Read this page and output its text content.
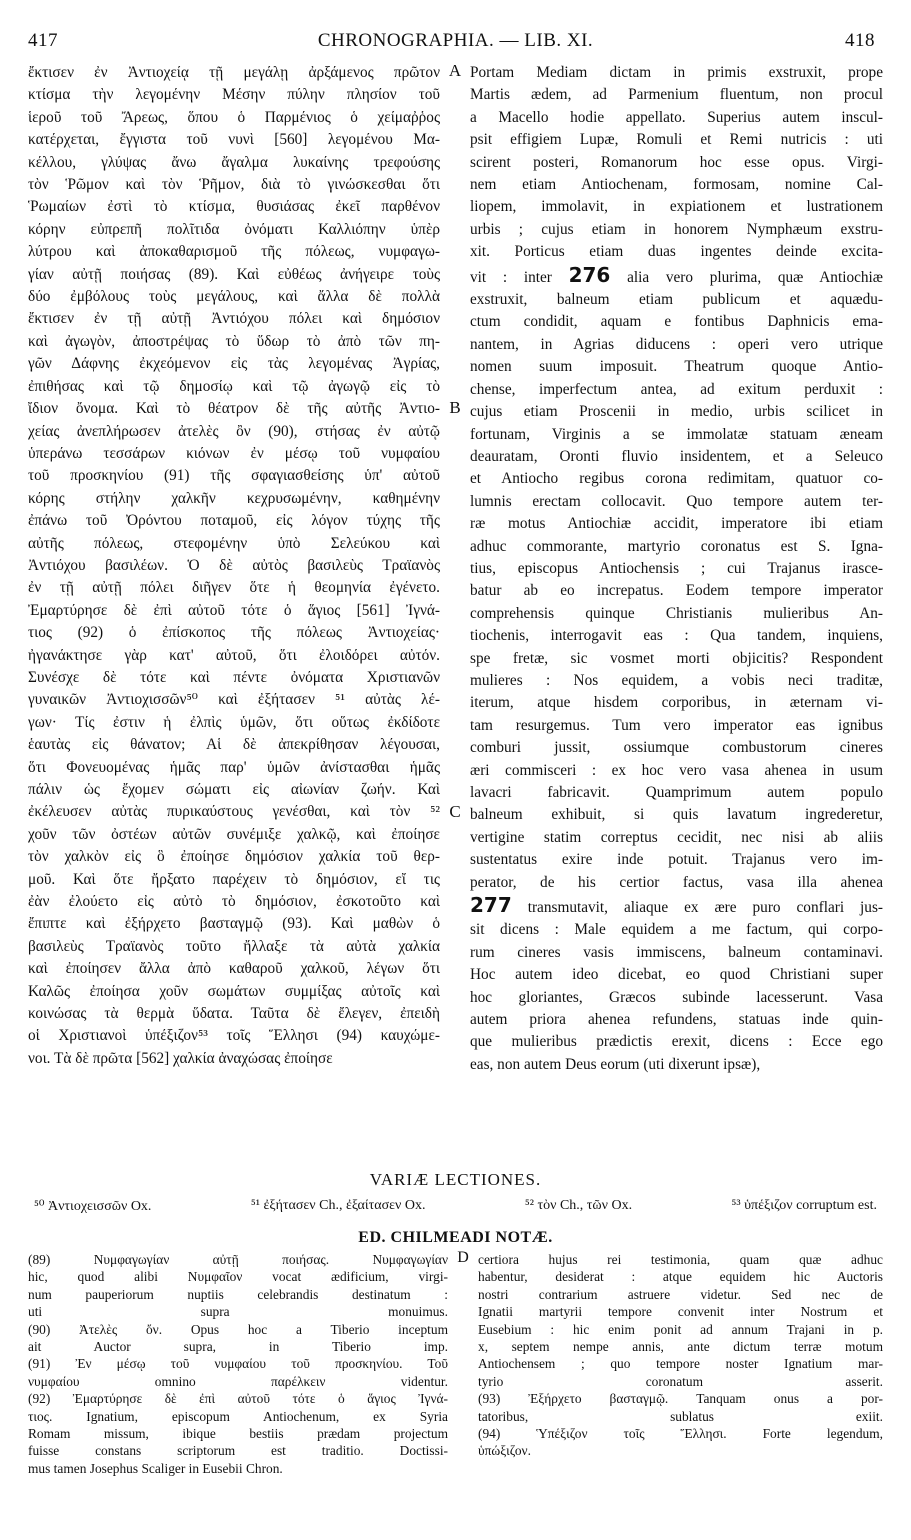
417	CHRONOGRAPHIA. — LIB. XI.	418
ἔκτισεν ἐν Ἀντιοχείᾳ τῇ μεγάλῃ ἀρξάμενος πρῶτον
κτίσμα τὴν λεγομένην Μέσην πύλην πλησίον τοῦ
ἱεροῦ τοῦ Ἄρεως, ὅπου ὁ Παρμένιος ὁ χείμαῤῥος
κατέρχεται, ἔγγιστα τοῦ νυνὶ [560] λεγομένου Μα-
κέλλου, γλύψας ἄνω ἄγαλμα λυκαίνης τρεφούσης
τὸν Ῥῶμον καὶ τὸν Ῥῆμον, διὰ τὸ γινώσκεσθαι ὅτι
Ῥωμαίων ἐστὶ τὸ κτίσμα, θυσιάσας ἐκεῖ παρθένον
κόρην εὐπρεπῆ πολῖτιδα ὀνόματι Καλλιόπην ὑπὲρ
λύτρου καὶ ἀποκαθαρισμοῦ τῆς πόλεως, νυμφαγω-
γίαν αὐτῇ ποιήσας (89). Καὶ εὐθέως ἀνήγειρε τοὺς
δύο ἐμβόλους τοὺς μεγάλους, καὶ ἄλλα δὲ πολλὰ
ἔκτισεν ἐν τῇ αὐτῇ Ἀντιόχου πόλει καὶ δημόσιον
καὶ ἀγωγὸν, ἀποστρέψας τὸ ὕδωρ τὸ ἀπὸ τῶν πη-
γῶν Δάφνης ἐκχεόμενον εἰς τὰς λεγομένας Ἀγρίας,
ἐπιθήσας καὶ τῷ δημοσίῳ καὶ τῷ ἀγωγῷ εἰς τὸ
ἴδιον ὄνομα. Καὶ τὸ θέατρον δὲ τῆς αὐτῆς Ἀντιο-
χείας ἀνεπλήρωσεν ἀτελὲς ὂν (90), στήσας ἐν αὐτῷ
ὑπεράνω τεσσάρων κιόνων ἐν μέσῳ τοῦ νυμφαίου
τοῦ προσκηνίου (91) τῆς σφαγιασθείσης ὑπ' αὐτοῦ
κόρης στήλην χαλκῆν κεχρυσωμένην, καθημένην
ἐπάνω τοῦ Ὀρόντου ποταμοῦ, εἰς λόγον τύχης τῆς
αὐτῆς πόλεως, στεφομένην ὑπὸ Σελεύκου καὶ
Ἀντιόχου βασιλέων. Ὁ δὲ αὐτὸς βασιλεὺς Τραϊανὸς
ἐν τῇ αὐτῇ πόλει διῆγεν ὅτε ἡ θεομηνία ἐγένετο.
Ἐμαρτύρησε δὲ ἐπὶ αὐτοῦ τότε ὁ ἅγιος [561] Ἰγνά-
τιος (92) ὁ ἐπίσκοπος τῆς πόλεως Ἀντιοχείας·
ἠγανάκτησε γὰρ κατ' αὐτοῦ, ὅτι ἐλοιδόρει αὐτόν.
Συνέσχε δὲ τότε καὶ πέντε ὀνόματα Χριστιανῶν
γυναικῶν Ἀντιοχισσῶν⁵⁰ καὶ ἐξήτασεν ⁵¹ αὐτὰς λέ-
γων· Τίς ἐστιν ἡ ἐλπὶς ὑμῶν, ὅτι οὕτως ἐκδίδοτε
ἑαυτὰς εἰς θάνατον; Αἱ δὲ ἀπεκρίθησαν λέγουσαι,
ὅτι Φονευομένας ἡμᾶς παρ' ὑμῶν ἀνίστασθαι ἡμᾶς
πάλιν ὡς ἔχομεν σώματι εἰς αἰωνίαν ζωήν. Καὶ
ἐκέλευσεν αὐτὰς πυρικαύστους γενέσθαι, καὶ τὸν ⁵²
χοῦν τῶν ὀστέων αὐτῶν συνέμιξε χαλκῷ, καὶ ἐποίησε
τὸν χαλκὸν εἰς ὃ ἐποίησε δημόσιον χαλκία τοῦ θερ-
μοῦ. Καὶ ὅτε ἤρξατο παρέχειν τὸ δημόσιον, εἴ τις
ἐὰν ἐλούετο εἰς αὐτὸ τὸ δημόσιον, ἐσκοτοῦτο καὶ
ἔπιπτε καὶ ἐξήρχετο βασταγμῷ (93). Καὶ μαθὼν ὁ
βασιλεὺς Τραϊανὸς τοῦτο ἤλλαξε τὰ αὐτὰ χαλκία
καὶ ἐποίησεν ἄλλα ἀπὸ καθαροῦ χαλκοῦ, λέγων ὅτι
Καλῶς ἐποίησα χοῦν σωμάτων συμμίξας αὐτοῖς καὶ
κοινώσας τὰ θερμὰ ὕδατα. Ταῦτα δὲ ἔλεγεν, ἐπειδὴ
οἱ Χριστιανοὶ ὑπέξιζον⁵³ τοῖς Ἕλλησι (94) καυχώμε-
νοι. Τὰ δὲ πρῶτα [562] χαλκία ἀναχώσας ἐποίησε
A
B
C
Portam Mediam dictam in primis exstruxit, prope
Martis ædem, ad Parmenium fluentum, non procul
a Macello hodie appellato. Superius autem inscul-
psit effigiem Lupæ, Romuli et Remi nutricis : uti
scirent posteri, Romanorum hoc esse opus. Virgi-
nem etiam Antiochenam, formosam, nomine Cal-
liopem, immolavit, in expiationem et lustrationem
urbis ; cujus etiam in honorem Nymphæum exstru-
xit. Porticus etiam duas ingentes deinde excita-
vit : inter 276 alia vero plurima, quæ Antiochiæ
exstruxit, balneum etiam publicum et aquædu-
ctum condidit, aquam e fontibus Daphnicis ema-
nantem, in Agrias diducens : operi vero utrique
nomen suum imposuit. Theatrum quoque Antio-
chense, imperfectum antea, ad exitum perduxit :
cujus etiam Proscenii in medio, urbis scilicet in
fortunam, Virginis a se immolatæ statuam æneam
deauratam, Oronti fluvio insidentem, et a Seleuco
et Antiocho regibus corona redimitam, quatuor co-
lumnis erectam collocavit. Quo tempore autem ter-
ræ motus Antiochiæ accidit, imperatore ibi etiam
adhuc commorante, martyrio coronatus est S. Igna-
tius, episcopus Antiochensis ; cui Trajanus irasce-
batur ab eo increpatus. Eodem tempore imperator
comprehensis quinque Christianis mulieribus An-
tiochenis, interrogavit eas : Qua tandem, inquiens,
spe fretæ, sic vosmet morti objicitis? Respondent
mulieres : Nos equidem, a vobis neci traditæ,
iterum, atque hisdem corporibus, in æternam vi-
tam resurgemus. Tum vero imperator eas ignibus
comburi jussit, ossiumque combustorum cineres
æri commisceri : ex hoc vero vasa ahenea in usum
lavacri fabricavit. Quamprimum autem populo
balneum exhibuit, si quis lavatum ingrederetur,
vertigine statim correptus cecidit, nec nisi ab aliis
sustentatus exire inde potuit. Trajanus vero im-
perator, de his certior factus, vasa illa ahenea
277 transmutavit, aliaque ex ære puro conflari jus-
sit dicens : Male equidem a me factum, qui corpo-
rum cineres vasis immiscens, balneum contaminavi.
Hoc autem ideo dicebat, eo quod Christiani super
hoc gloriantes, Græcos subinde lacesserunt. Vasa
autem priora ahenea refundens, statuas inde quin-
que mulieribus prædictis erexit, dicens : Ecce ego
eas, non autem Deus eorum (uti dixerunt ipsæ),
VARIÆ LECTIONES.
⁵⁰ Ἀντιοχεισσῶν Ox.	⁵¹ ἐξήτασεν Ch., ἐξαίτασεν Ox.	⁵² τὸν Ch., τῶν Ox.	⁵³ ὑπέξιζον corruptum est.
ED. CHILMEADI NOTÆ.
(89) Νυμφαγωγίαν αὐτῇ ποιήσας. Νυμφαγωγίαν
hic, quod alibi Νυμφαῖον vocat ædificium, virgi-
num pauperiorum nuptiis celebrandis destinatum :
uti supra monuimus.
(90) Ἀτελὲς ὄν. Opus hoc a Tiberio inceptum
ait Auctor supra, in Tiberio imp.
(91) Ἐν μέσῳ τοῦ νυμφαίου τοῦ προσκηνίου. Τοῦ
νυμφαίου omnino παρέλκειν videntur.
(92) Ἐμαρτύρησε δὲ ἐπὶ αὐτοῦ τότε ὁ ἅγιος Ἰγνά-
τιος. Ignatium, episcopum Antiochenum, ex Syria
Romam missum, ibique bestiis prædam projectum
fuisse constans scriptorum est traditio. Doctissi-
mus tamen Josephus Scaliger in Eusebii Chron.
D certiora hujus rei testimonia, quam quæ adhuc
habentur, desiderat : atque equidem hic Auctoris
nostri contrarium astruere videtur. Sed nec de
Ignatii martyrii tempore convenit inter Nostrum et
Eusebium : hic enim ponit ad annum Trajani in p.
x, septem nempe annis, ante dictum terræ motum
Antiochensem ; quo tempore noster Ignatium mar-
tyrio coronatum asserit.
(93) Ἐξήρχετο βασταγμῷ. Tanquam onus a por-
tatoribus, sublatus exiit.
(94) Ὑπέξιζον τοῖς Ἕλλησι. Forte legendum,
ὑπώξιζον.
